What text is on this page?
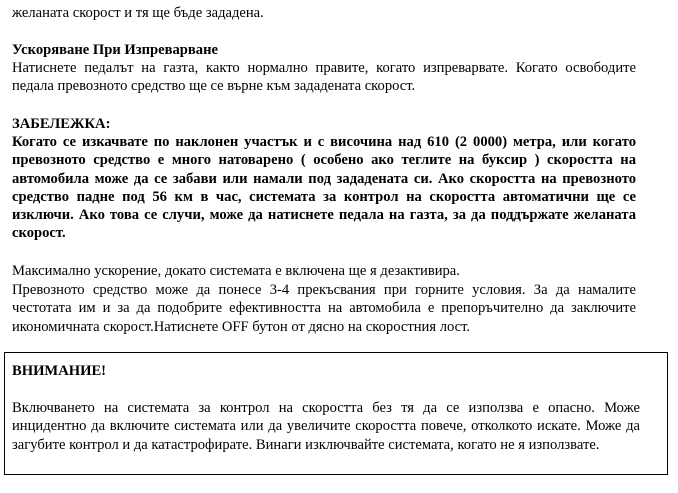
желаната скорост и тя ще бъде зададена.

Ускоряване При Изпреварване

Натиснете педалът на газта, както нормално правите, когато изпреварвате. Когато освободите педала превозното средство ще се върне към зададената скорост.

ЗАБЕЛЕЖКА:

Когато се изкачвате по наклонен участък и с височина над 610 (2 0000) метра, или когато превозното средство е много натоварено ( особено ако теглите на буксир ) скоростта на автомобила може да се забави или намали под зададената си. Ако скоростта на превозното средство падне под 56 км в час, системата за контрол на скоростта автоматични ще се изключи. Ако това се случи, може да натиснете педала на газта, за да поддържате желаната скорост.

Максимално ускорение, докато системата е включена ще я дезактивира.

Превозното средство може да понесе 3-4 прекъсвания при горните условия. За да намалите честотата им и за да подобрите ефективността на автомобила е препоръчително да заключите икономичната скорост.Натиснете OFF бутон от дясно на скоростния лост.

ВНИМАНИЕ!

Включването на системата за контрол на скоростта без тя да се използва е опасно. Може инцидентно да включите системата или да увеличите скоростта повече, отколкото искате. Може да загубите контрол и да катастрофирате. Винаги изключвайте системата, когато не я използвате.
